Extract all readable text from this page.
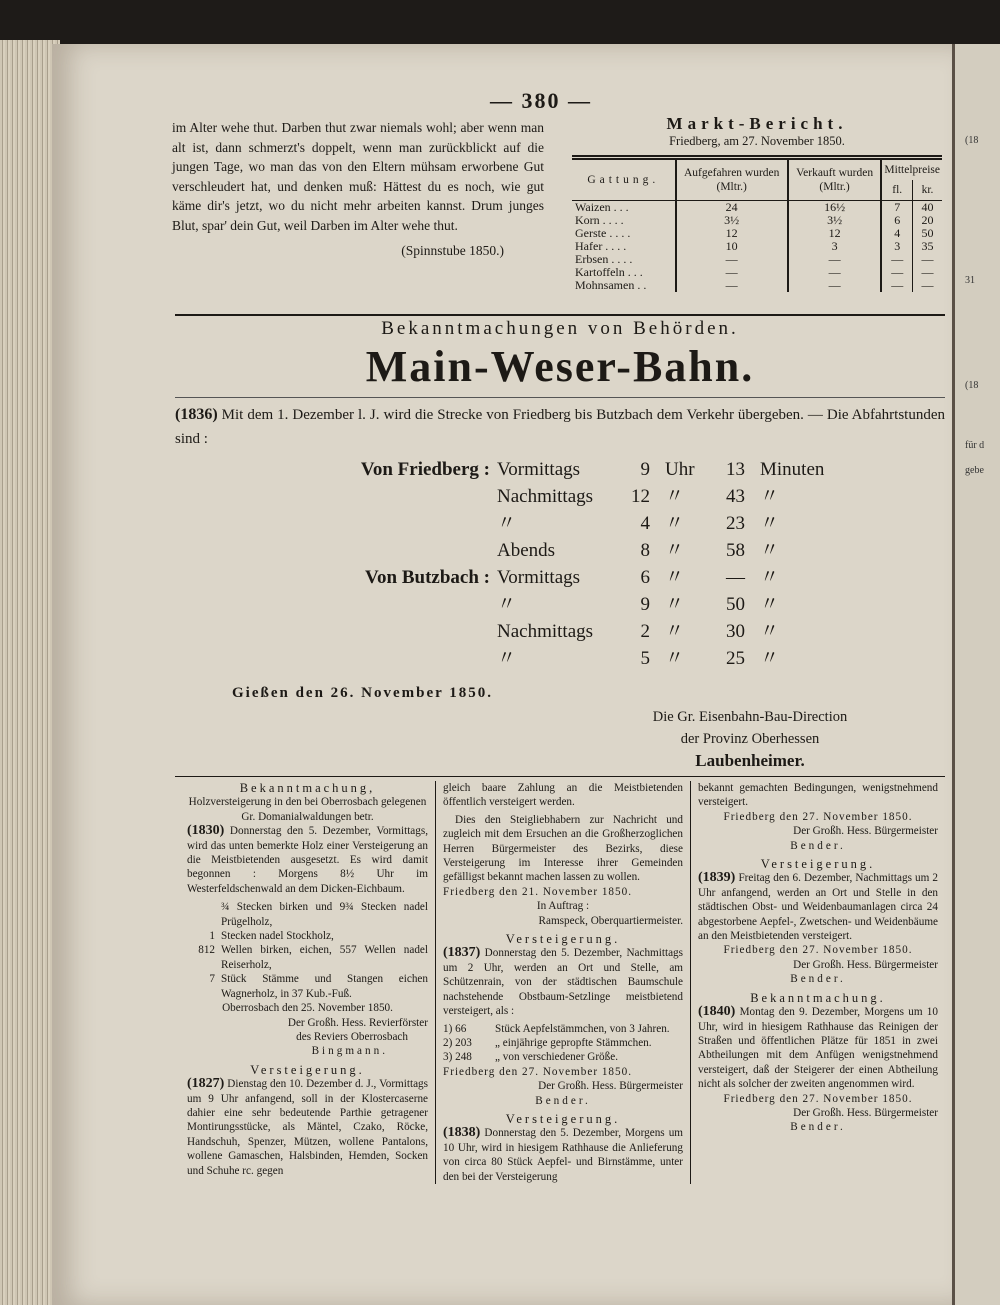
(18
31
(18
für d
gebe
— 380 —
im Alter wehe thut. Darben thut zwar niemals wohl; aber wenn man alt ist, dann schmerzt's doppelt, wenn man zurückblickt auf die jungen Tage, wo man das von den Eltern mühsam erworbene Gut verschleudert hat, und denken muß: Hättest du es noch, wie gut käme dir's jetzt, wo du nicht mehr arbeiten kannst. Drum junges Blut, spar' dein Gut, weil Darben im Alter wehe thut.
(Spinnstube 1850.)
Markt-Bericht.
Friedberg, am 27. November 1850.
Gattung.	Aufgefahren wurden (Mltr.)	Verkauft wurden (Mltr.)	Mittelpreise	
			fl.	kr.
Waizen . . .	24	16½	7	40
Korn . . . .	3½	3½	6	20
Gerste . . . .	12	12	4	50
Hafer . . . .	10	3	3	35
Erbsen . . . .	—	—	—	—
Kartoffeln . . .	—	—	—	—
Mohnsamen . .	—	—	—	—
Bekanntmachungen von Behörden.
Main-Weser-Bahn.
(1836) Mit dem 1. Dezember l. J. wird die Strecke von Friedberg bis Butzbach dem Verkehr übergeben. — Die Abfahrtstunden sind :
Von Friedberg : Vormittags	9 Uhr 13 Minuten
Nachmittags 12 〃 43 〃
〃	4 〃 23 〃
Abends	8 〃 58 〃
Von Butzbach : Vormittags	6 〃 — 〃
〃	9 〃 50 〃
Nachmittags 2 〃 30 〃
〃	5 〃 25 〃
Gießen den 26. November 1850.
Die Gr. Eisenbahn-Bau-Direction
der Provinz Oberhessen
Laubenheimer.
Bekanntmachung,
Holzversteigerung in den bei Oberrosbach gelegenen Gr. Domanialwaldungen betr.
(1830) Donnerstag den 5. Dezember, Vormittags, wird das unten bemerkte Holz einer Versteigerung an die Meistbietenden ausgesetzt. Es wird damit begonnen : Morgens 8½ Uhr im Westerfeldschenwald an dem Dicken-Eichbaum.
¾ Stecken birken und 9¾ Stecken nadel Prügelholz,
1 Stecken nadel Stockholz,
812 Wellen birken, eichen, 557 Wellen nadel Reiserholz,
7 Stück Stämme und Stangen eichen Wagnerholz, in 37 Kub.-Fuß.
Oberrosbach den 25. November 1850.
Der Großh. Hess. Revierförster
des Reviers Oberrosbach
Bingmann.
Versteigerung.
(1827) Dienstag den 10. Dezember d. J., Vormittags um 9 Uhr anfangend, soll in der Klostercaserne dahier eine sehr bedeutende Parthie getragener Montirungsstücke, als Mäntel, Czako, Röcke, Handschuh, Spenzer, Mützen, wollene Pantalons, wollene Gamaschen, Halsbinden, Hemden, Socken und Schuhe rc. gegen
gleich baare Zahlung an die Meistbietenden öffentlich versteigert werden.
Dies den Steigliebhabern zur Nachricht und zugleich mit dem Ersuchen an die Großherzoglichen Herren Bürgermeister des Bezirks, diese Versteigerung im Interesse ihrer Gemeinden gefälligst bekannt machen lassen zu wollen.
Friedberg den 21. November 1850.
In Auftrag :
Ramspeck, Oberquartiermeister.
Versteigerung.
(1837) Donnerstag den 5. Dezember, Nachmittags um 2 Uhr, werden an Ort und Stelle, am Schützenrain, von der städtischen Baumschule nachstehende Obstbaum-Setzlinge meistbietend versteigert, als :
1) 66	Stück Aepfelstämmchen, von 3 Jahren.
2) 203	„ einjährige gepropfte Stämmchen.
3) 248	„ von verschiedener Größe.
Friedberg den 27. November 1850.
Der Großh. Hess. Bürgermeister
Bender.
Versteigerung.
(1838) Donnerstag den 5. Dezember, Morgens um 10 Uhr, wird in hiesigem Rathhause die Anlieferung von circa 80 Stück Aepfel- und Birnstämme, unter den bei der Versteigerung
bekannt gemachten Bedingungen, wenigstnehmend versteigert.
Friedberg den 27. November 1850.
Der Großh. Hess. Bürgermeister
Bender.
Versteigerung.
(1839) Freitag den 6. Dezember, Nachmittags um 2 Uhr anfangend, werden an Ort und Stelle in den städtischen Obst- und Weidenbaumanlagen circa 24 abgestorbene Aepfel-, Zwetschen- und Weidenbäume an den Meistbietenden versteigert.
Friedberg den 27. November 1850.
Der Großh. Hess. Bürgermeister
Bender.
Bekanntmachung.
(1840) Montag den 9. Dezember, Morgens um 10 Uhr, wird in hiesigem Rathhause das Reinigen der Straßen und öffentlichen Plätze für 1851 in zwei Abtheilungen mit dem Anfügen wenigstnehmend versteigert, daß der Steigerer der einen Abtheilung nicht als solcher der zweiten angenommen wird.
Friedberg den 27. November 1850.
Der Großh. Hess. Bürgermeister
Bender.
